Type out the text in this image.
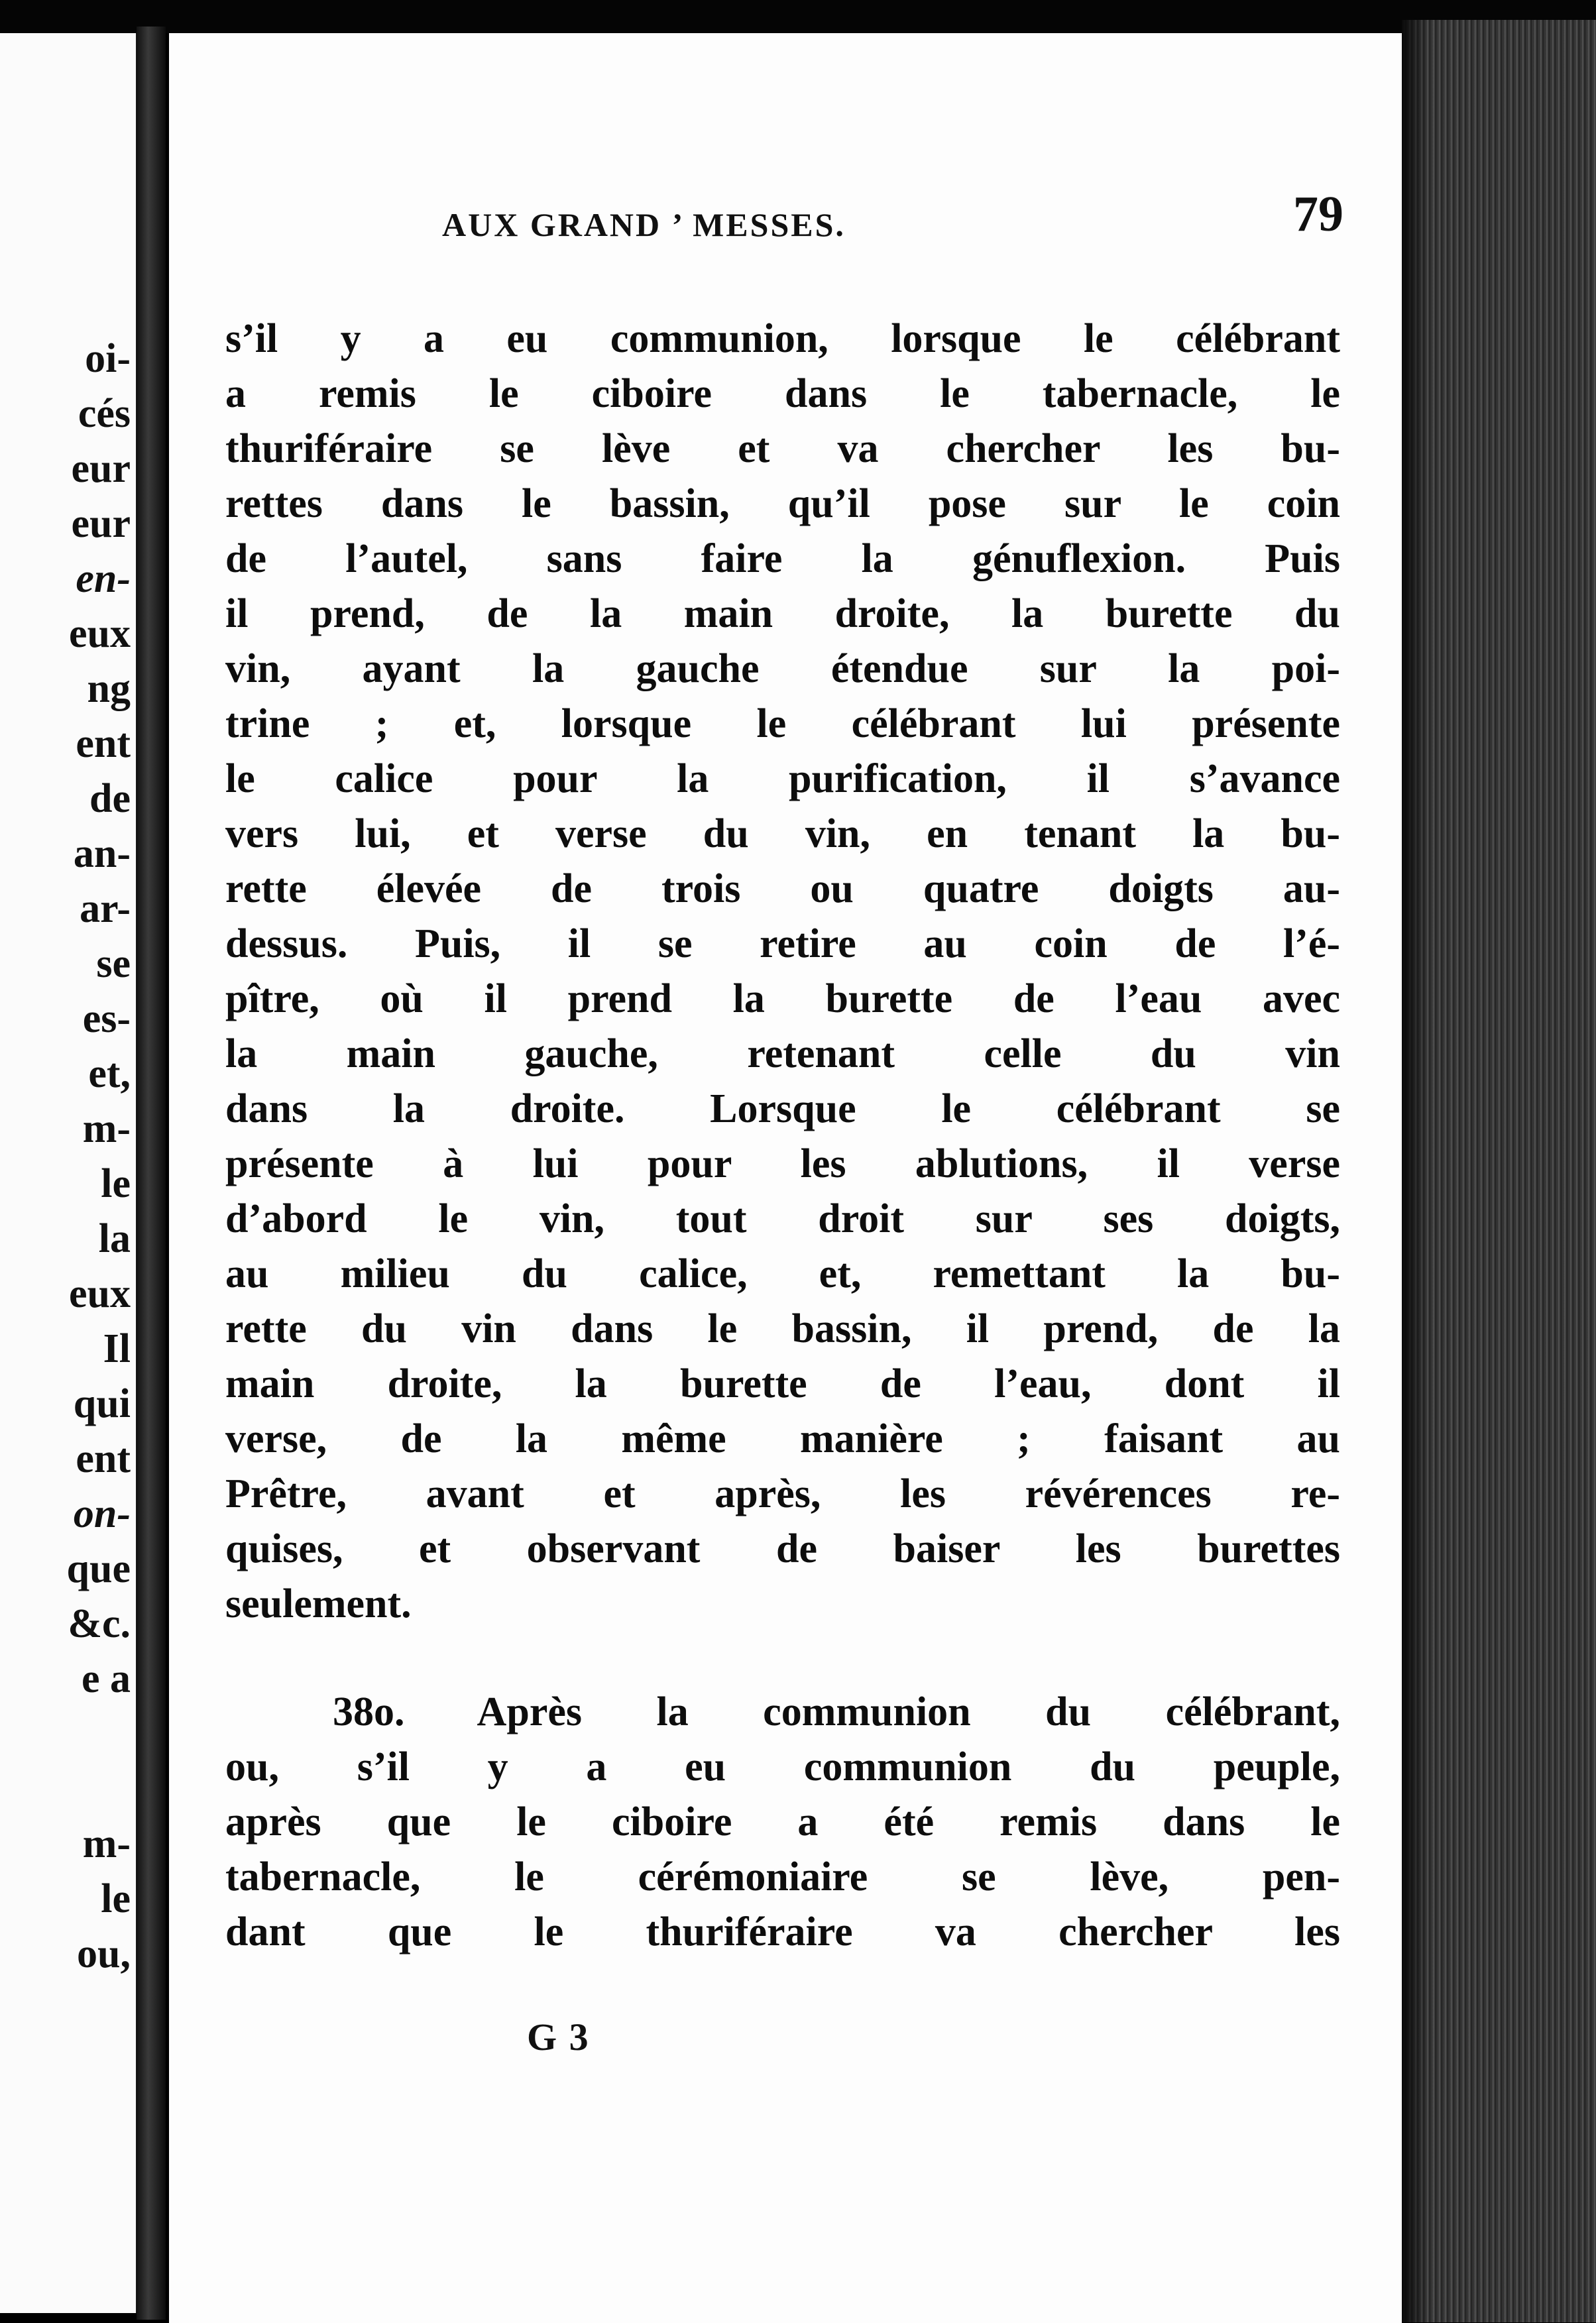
oi-
cés
eur
eur
en-
eux
ng
ent
de
an-
ar-
se
es-
et,
m-
le
la
eux
Il
qui
ent
on-
que
&c.
e a
m-
le
ou,
AUX GRAND ’ MESSES.	79
s’il y a eu communion, lorsque le célébrant
a remis le ciboire dans le tabernacle, le
thuriféraire se lève et va chercher les bu-
rettes dans le bassin, qu’il pose sur le coin
de l’autel, sans faire la génuflexion. Puis
il prend, de la main droite, la burette du
vin, ayant la gauche étendue sur la poi-
trine ; et, lorsque le célébrant lui présente
le calice pour la purification, il s’avance
vers lui, et verse du vin, en tenant la bu-
rette élevée de trois ou quatre doigts au-
dessus. Puis, il se retire au coin de l’é-
pître, où il prend la burette de l’eau avec
la main gauche, retenant celle du vin
dans la droite. Lorsque le célébrant se
présente à lui pour les ablutions, il verse
d’abord le vin, tout droit sur ses doigts,
au milieu du calice, et, remettant la bu-
rette du vin dans le bassin, il prend, de la
main droite, la burette de l’eau, dont il
verse, de la même manière ; faisant au
Prêtre, avant et après, les révérences re-
quises, et observant de baiser les burettes
seulement.
38o. Après la communion du célébrant,
ou, s’il y a eu communion du peuple,
après que le ciboire a été remis dans le
tabernacle, le cérémoniaire se lève, pen-
dant que le thuriféraire va chercher les
G 3
